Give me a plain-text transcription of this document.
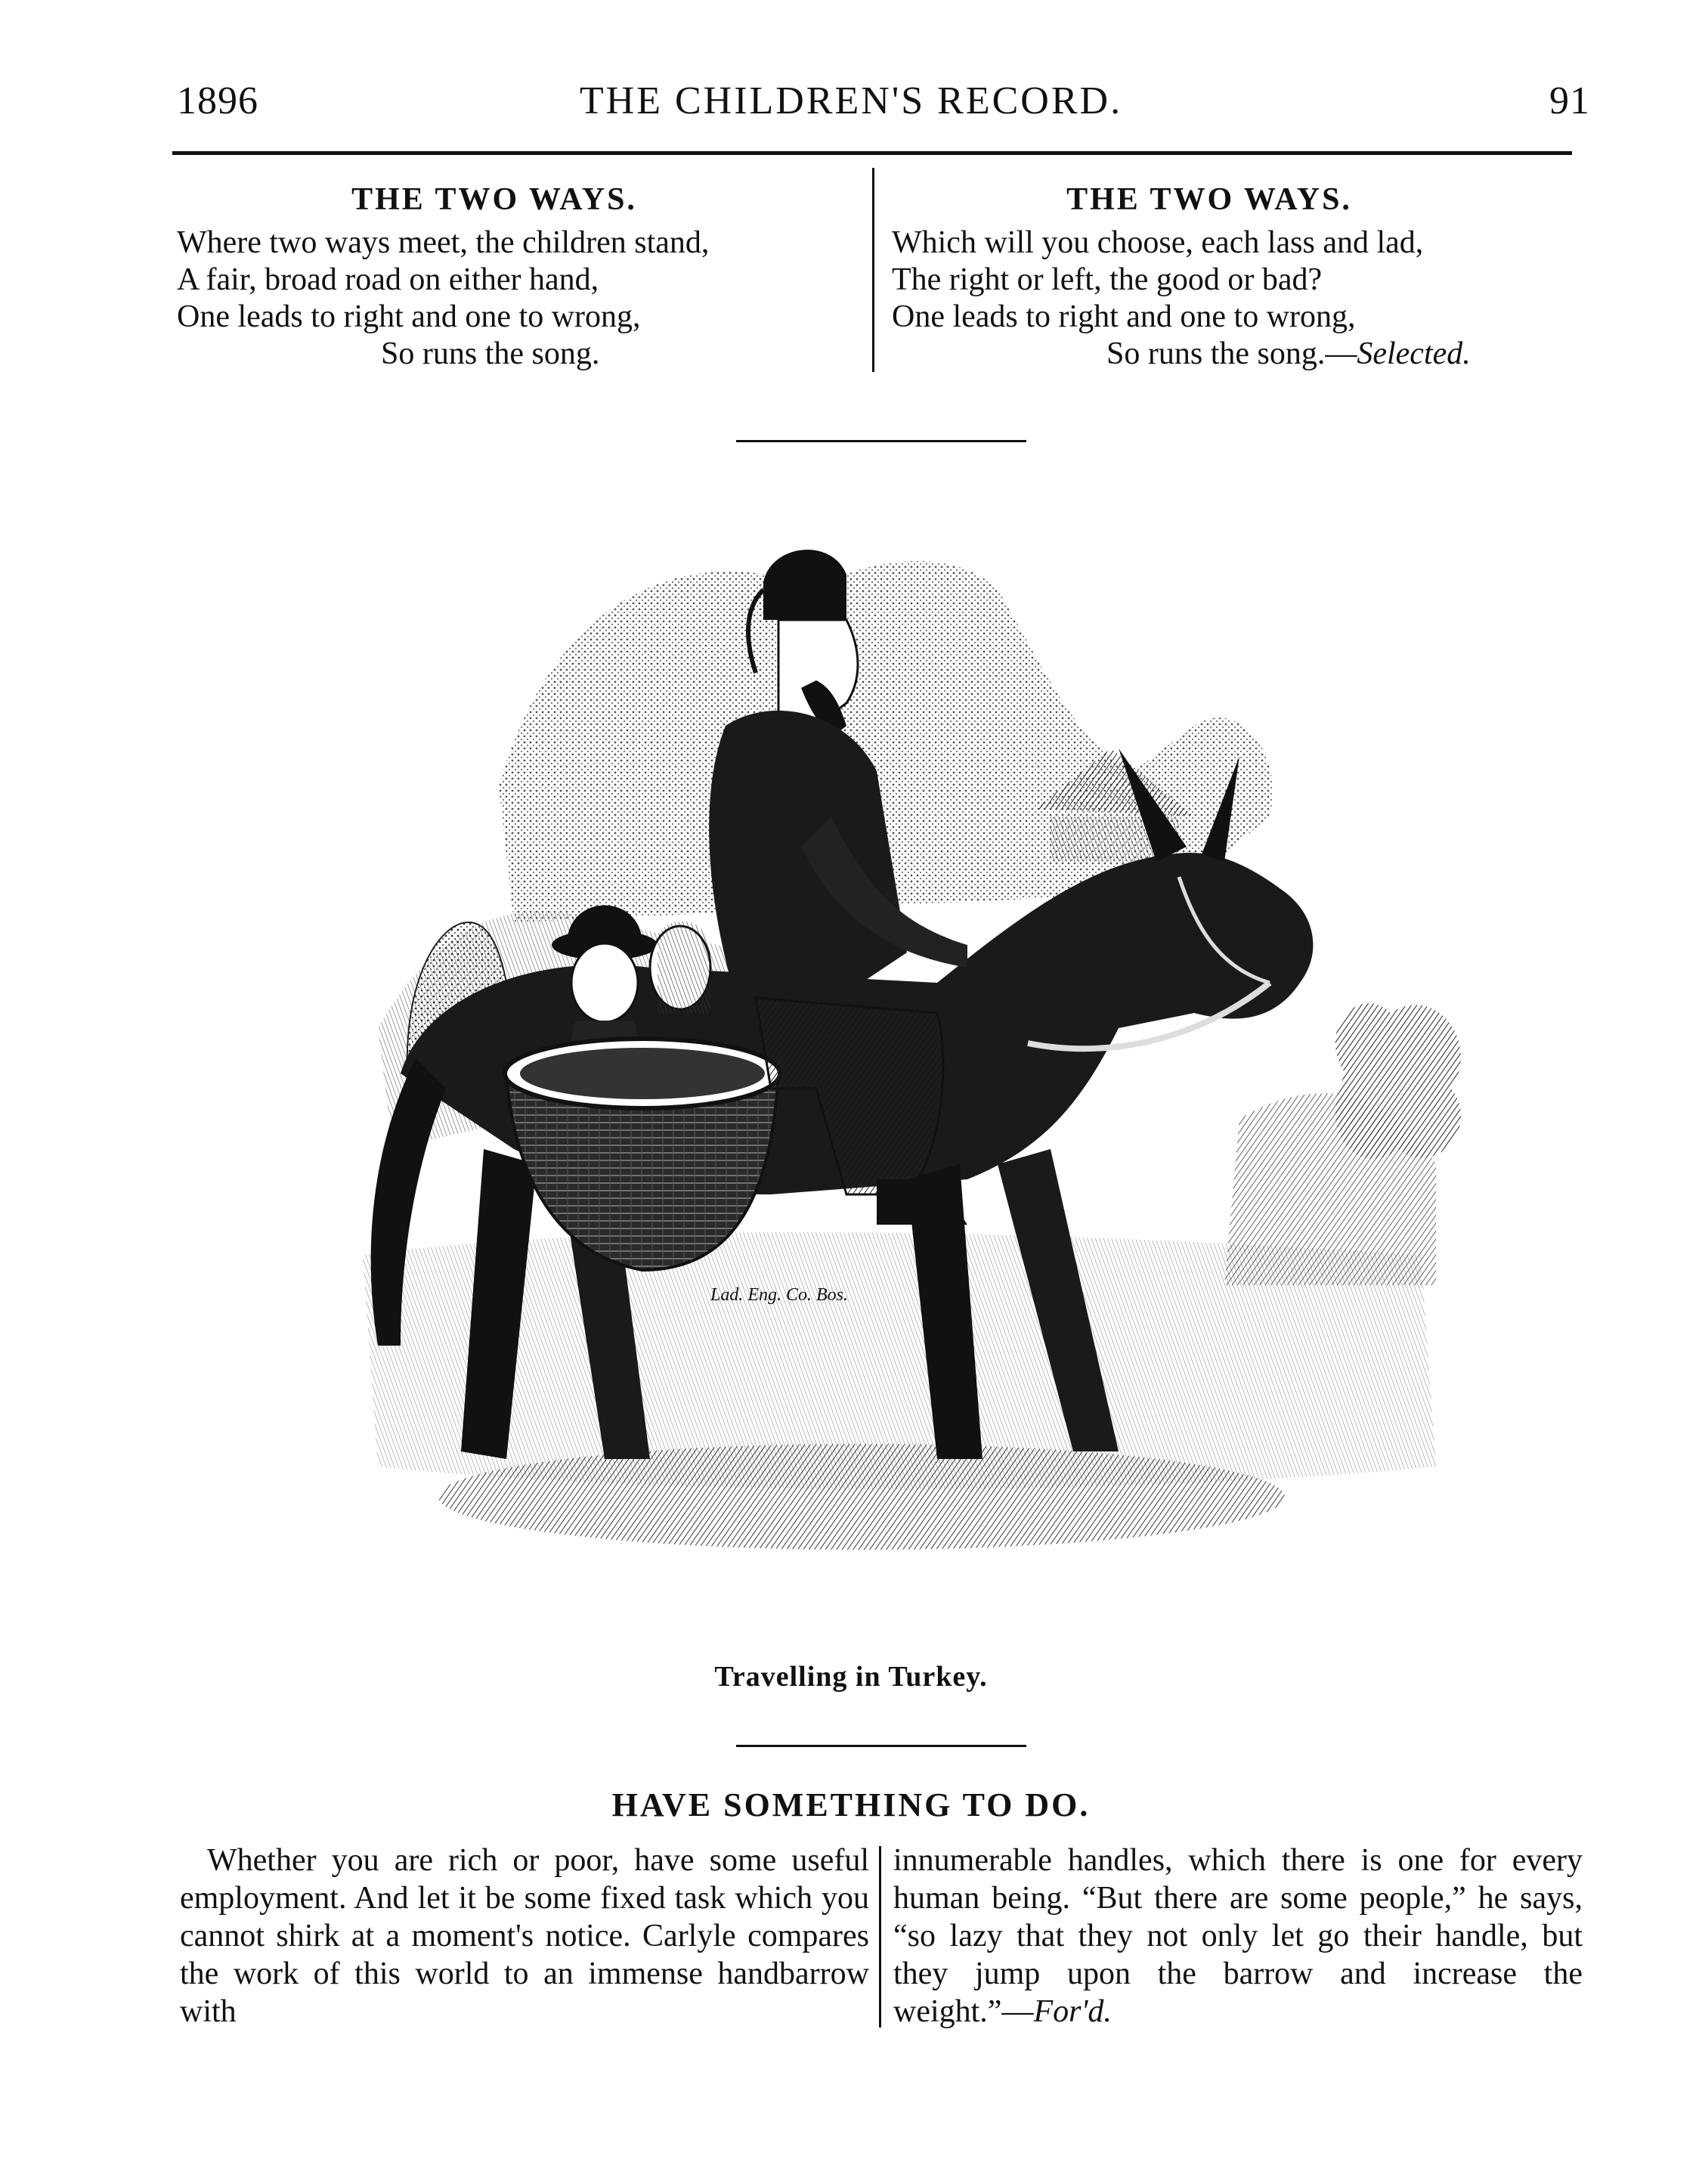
1896	THE CHILDREN'S RECORD.	91
THE TWO WAYS.
Where two ways meet, the children stand,
A fair, broad road on either hand,
One leads to right and one to wrong,
So runs the song.
THE TWO WAYS.
Which will you choose, each lass and lad,
The right or left, the good or bad?
One leads to right and one to wrong,
So runs the song.—Selected.
Lad. Eng. Co. Bos.
Travelling in Turkey.
HAVE SOMETHING TO DO.

Whether you are rich or poor, have some useful employment. And let it be some fixed task which you cannot shirk at a moment's notice. Carlyle compares the work of this world to an immense handbarrow with

innumerable handles, which there is one for every human being. “But there are some people,” he says, “so lazy that they not only let go their handle, but they jump upon the barrow and increase the weight.”—For'd.
